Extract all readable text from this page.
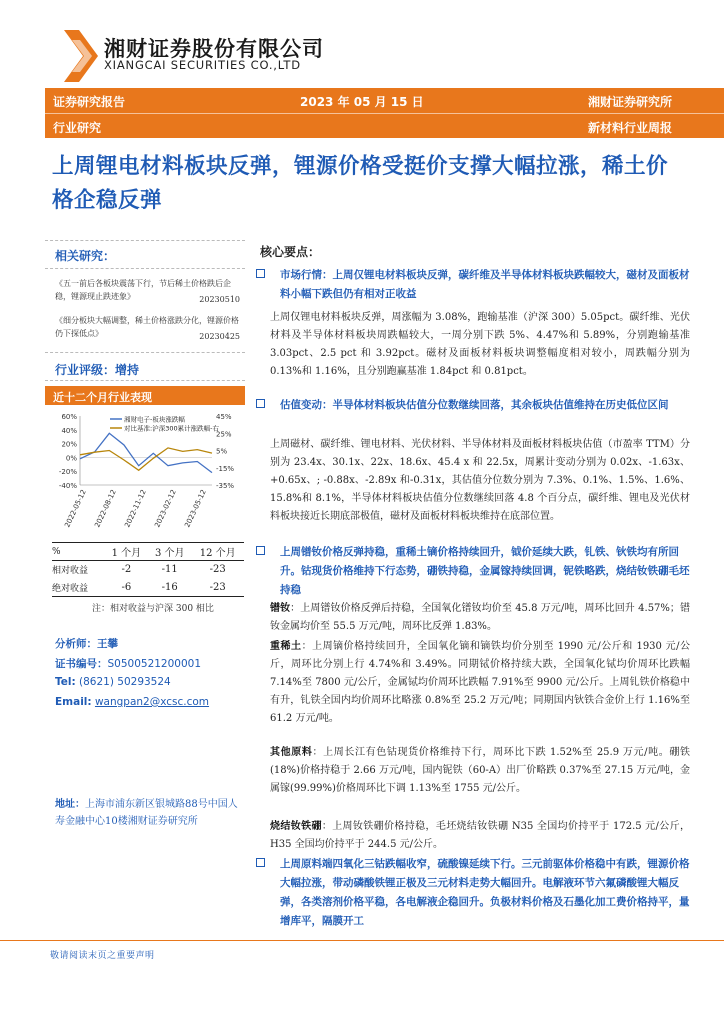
湘财证券股份有限公司
XIANGCAI SECURITIES CO.,LTD
证券研究报告	2023 年 05 月 15 日	湘财证券研究所
行业研究	新材料行业周报
上周锂电材料板块反弹，锂源价格受挺价支撑大幅拉涨，稀土价格企稳反弹
相关研究：
《五一前后各板块震荡下行，节后稀土价格跌后企稳，锂源现止跌迹象》	20230510
《细分板块大幅调整，稀土价格涨跌分化，锂源价格仍下探低点》	20230425
行业评级：增持
近十二个月行业表现
60%
40%
20%
0%
-20%
-40%
45%
25%
5%
-15%
-35%
湘财电子-板块涨跌幅
对比基准:沪深300累计涨跌幅-右
2022-05-12 2022-08-12 2022-11-12 2023-02-12 2023-05-12
%	1 个月	3 个月	12 个月
相对收益	-2	-11	-23
绝对收益	-6	-16	-23
注：相对收益与沪深 300 相比
分析师：王攀
证书编号：S0500521200001
Tel: (8621) 50293524
Email: wangpan2@xcsc.com
地址：上海市浦东新区银城路88号中国人寿金融中心10楼湘财证券研究所
核心要点：
市场行情：上周仅锂电材料板块反弹，碳纤维及半导体材料板块跌幅较大，磁材及面板材料小幅下跌但仍有相对正收益
上周仅锂电材料板块反弹，周涨幅为 3.08%，跑输基准（沪深 300）5.05pct。碳纤维、光伏材料及半导体材料板块周跌幅较大，一周分别下跌 5%、4.47%和 5.89%，分别跑输基准 3.03pct、2.5 pct 和 3.92pct。磁材及面板材料板块调整幅度相对较小，周跌幅分别为 0.13%和 1.16%，且分别跑赢基准 1.84pct 和 0.81pct。
估值变动：半导体材料板块估值分位数继续回落，其余板块估值维持在历史低位区间
上周磁材、碳纤维、锂电材料、光伏材料、半导体材料及面板材料板块估值（市盈率 TTM）分别为 23.4x、30.1x、22x、18.6x、45.4 x 和 22.5x，周累计变动分别为 0.02x、-1.63x、+0.65x、; -0.88x、-2.89x 和-0.31x，其估值分位数分别为 7.3%、0.1%、1.5%、1.6%、15.8%和 8.1%，半导体材料板块估值分位数继续回落 4.8 个百分点，碳纤维、锂电及光伏材料板块接近长期底部极值，磁材及面板材料板块维持在底部位置。
上周镨钕价格反弹持稳，重稀土镝价格持续回升，钺价延续大跌，钆铁、钬铁均有所回升。钴现货价格维持下行态势，硼铁持稳，金属镓持续回调，铌铁略跌，烧结钕铁硼毛坯持稳
镨钕：上周镨钕价格反弹后持稳，全国氧化镨钕均价至 45.8 万元/吨，周环比回升 4.57%；镨钕金属均价至 55.5 万元/吨，周环比反弹 1.83%。
重稀土：上周镝价格持续回升，全国氧化镝和镝铁均价分别至 1990 元/公斤和 1930 元/公斤，周环比分别上行 4.74%和 3.49%。同期铽价格持续大跌，全国氧化铽均价周环比跌幅 7.14%至 7800 元/公斤，金属铽均价周环比跌幅 7.91%至 9900 元/公斤。上周钆铁价格稳中有升，钆铁全国内均价周环比略涨 0.8%至 25.2 万元/吨；同期国内钬铁合金价上行 1.16%至 61.2 万元/吨。
其他原料：上周长江有色钴现货价格维持下行，周环比下跌 1.52%至 25.9 万元/吨。硼铁(18%)价格持稳于 2.66 万元/吨，国内铌铁（60-A）出厂价略跌 0.37%至 27.15 万元/吨，金属镓(99.99%)价格周环比下调 1.13%至 1755 元/公斤。
烧结钕铁硼：上周钕铁硼价格持稳，毛坯烧结钕铁硼 N35 全国均价持平于 172.5 元/公斤，H35 全国均价持平于 244.5 元/公斤。
上周原料端四氧化三钴跌幅收窄，硫酸镍延续下行。三元前驱体价格稳中有跌，锂源价格大幅拉涨，带动磷酸铁锂正极及三元材料走势大幅回升。电解液环节六氟磷酸锂大幅反弹，各类溶剂价格平稳，各电解液企稳回升。负极材料价格及石墨化加工费价格持平，量增库平，隔膜开工
敬请阅读末页之重要声明
